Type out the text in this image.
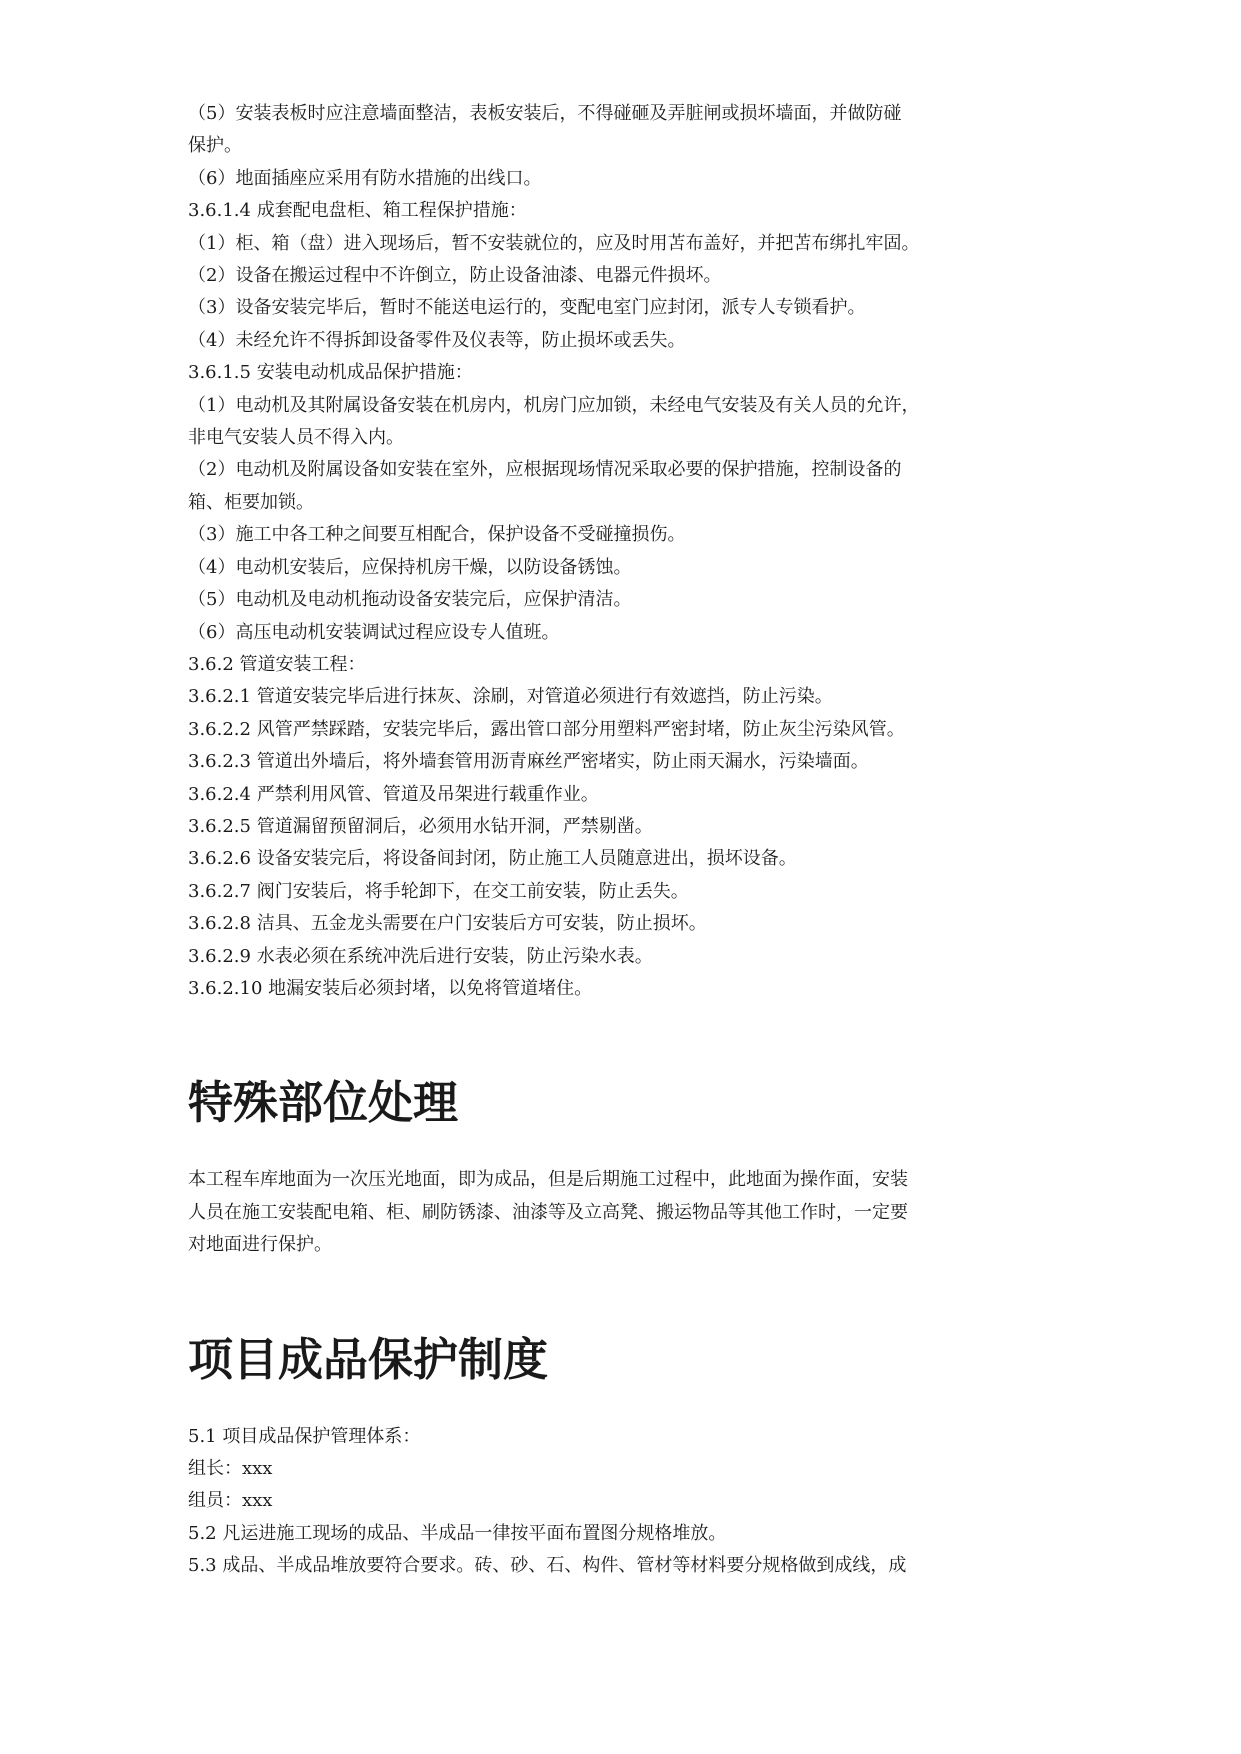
（5）安装表板时应注意墙面整洁，表板安装后，不得碰砸及弄脏闸或损坏墙面，并做防碰

保护。

（6）地面插座应采用有防水措施的出线口。

3.6.1.4 成套配电盘柜、箱工程保护措施：

（1）柜、箱（盘）进入现场后，暂不安装就位的，应及时用苫布盖好，并把苫布绑扎牢固。

（2）设备在搬运过程中不许倒立，防止设备油漆、电器元件损坏。

（3）设备安装完毕后，暂时不能送电运行的，变配电室门应封闭，派专人专锁看护。

（4）未经允许不得拆卸设备零件及仪表等，防止损坏或丢失。

3.6.1.5 安装电动机成品保护措施：

（1）电动机及其附属设备安装在机房内，机房门应加锁，未经电气安装及有关人员的允许，

非电气安装人员不得入内。

（2）电动机及附属设备如安装在室外，应根据现场情况采取必要的保护措施，控制设备的

箱、柜要加锁。

（3）施工中各工种之间要互相配合，保护设备不受碰撞损伤。

（4）电动机安装后，应保持机房干燥，以防设备锈蚀。

（5）电动机及电动机拖动设备安装完后，应保护清洁。

（6）高压电动机安装调试过程应设专人值班。

3.6.2 管道安装工程：

3.6.2.1 管道安装完毕后进行抹灰、涂刷，对管道必须进行有效遮挡，防止污染。

3.6.2.2 风管严禁踩踏，安装完毕后，露出管口部分用塑料严密封堵，防止灰尘污染风管。

3.6.2.3 管道出外墙后，将外墙套管用沥青麻丝严密堵实，防止雨天漏水，污染墙面。

3.6.2.4 严禁利用风管、管道及吊架进行载重作业。

3.6.2.5 管道漏留预留洞后，必须用水钻开洞，严禁剔凿。

3.6.2.6 设备安装完后，将设备间封闭，防止施工人员随意进出，损坏设备。

3.6.2.7 阀门安装后，将手轮卸下，在交工前安装，防止丢失。

3.6.2.8 洁具、五金龙头需要在户门安装后方可安装，防止损坏。

3.6.2.9 水表必须在系统冲洗后进行安装，防止污染水表。

3.6.2.10 地漏安装后必须封堵，以免将管道堵住。

特殊部位处理

本工程车库地面为一次压光地面，即为成品，但是后期施工过程中，此地面为操作面，安装

人员在施工安装配电箱、柜、刷防锈漆、油漆等及立高凳、搬运物品等其他工作时，一定要

对地面进行保护。

项目成品保护制度

5.1 项目成品保护管理体系：

组长：xxx

组员：xxx

5.2 凡运进施工现场的成品、半成品一律按平面布置图分规格堆放。

5.3 成品、半成品堆放要符合要求。砖、砂、石、构件、管材等材料要分规格做到成线，成
